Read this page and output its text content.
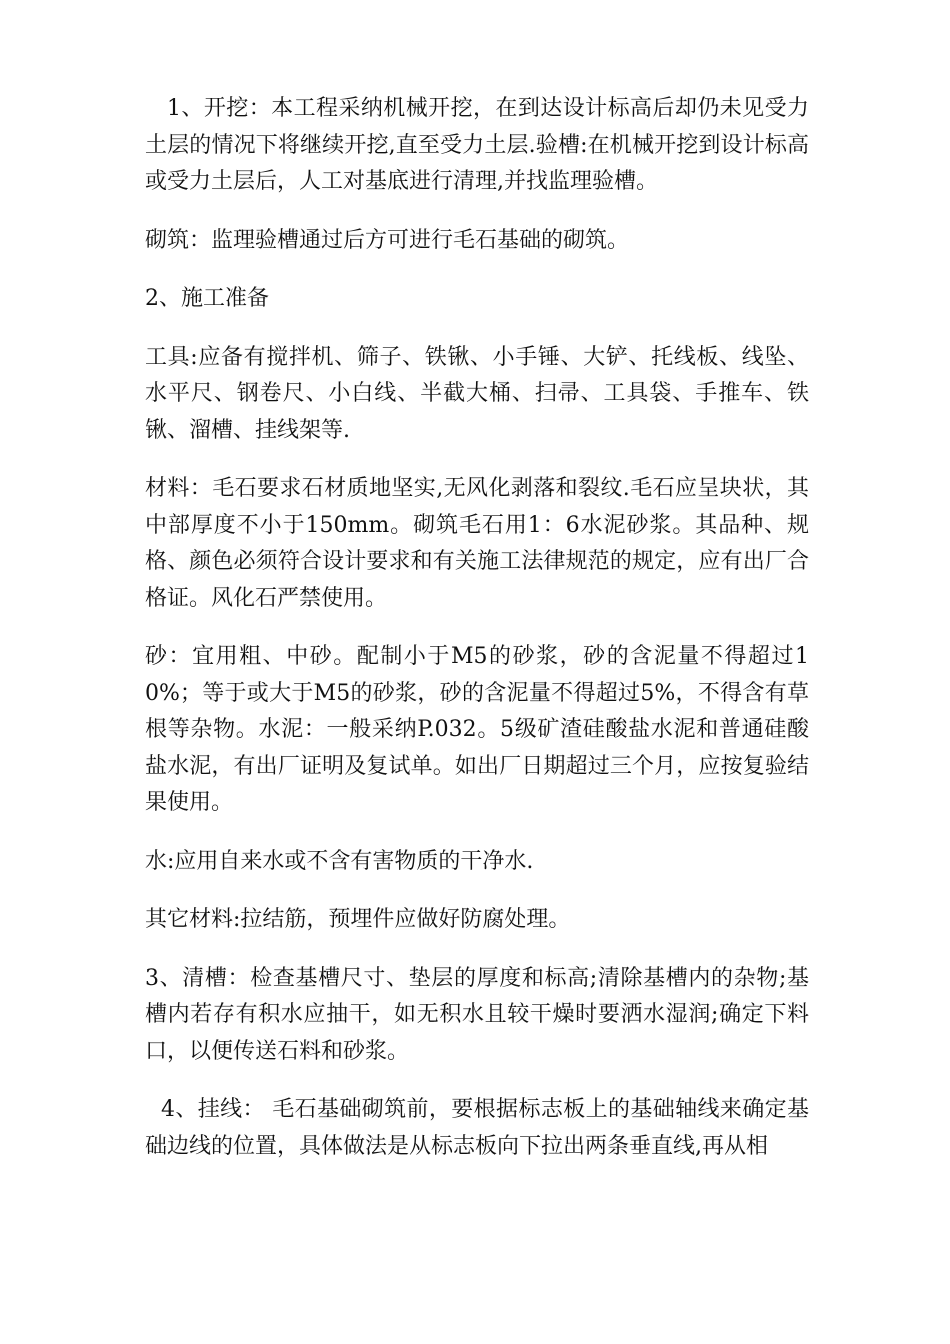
1、开挖：本工程采纳机械开挖，在到达设计标高后却仍未见受力土层的情况下将继续开挖,直至受力土层.验槽:在机械开挖到设计标高或受力土层后，人工对基底进行清理,并找监理验槽。

砌筑：监理验槽通过后方可进行毛石基础的砌筑。

2、施工准备

工具:应备有搅拌机、筛子、铁锹、小手锤、大铲、托线板、线坠、水平尺、钢卷尺、小白线、半截大桶、扫帚、工具袋、手推车、铁锹、溜槽、挂线架等.

材料：毛石要求石材质地坚实,无风化剥落和裂纹.毛石应呈块状，其中部厚度不小于150mm。砌筑毛石用1：6水泥砂浆。其品种、规格、颜色必须符合设计要求和有关施工法律规范的规定，应有出厂合格证。风化石严禁使用。

砂：宜用粗、中砂。配制小于M5的砂浆，砂的含泥量不得超过10%；等于或大于M5的砂浆，砂的含泥量不得超过5%，不得含有草根等杂物。水泥：一般采纳P.032。5级矿渣硅酸盐水泥和普通硅酸盐水泥，有出厂证明及复试单。如出厂日期超过三个月，应按复验结果使用。

水:应用自来水或不含有害物质的干净水.

其它材料:拉结筋，预埋件应做好防腐处理。

3、清槽：检查基槽尺寸、垫层的厚度和标高;清除基槽内的杂物;基槽内若存有积水应抽干，如无积水且较干燥时要洒水湿润;确定下料口，以便传送石料和砂浆。

4、挂线： 毛石基础砌筑前，要根据标志板上的基础轴线来确定基础边线的位置，具体做法是从标志板向下拉出两条垂直线,再从相
